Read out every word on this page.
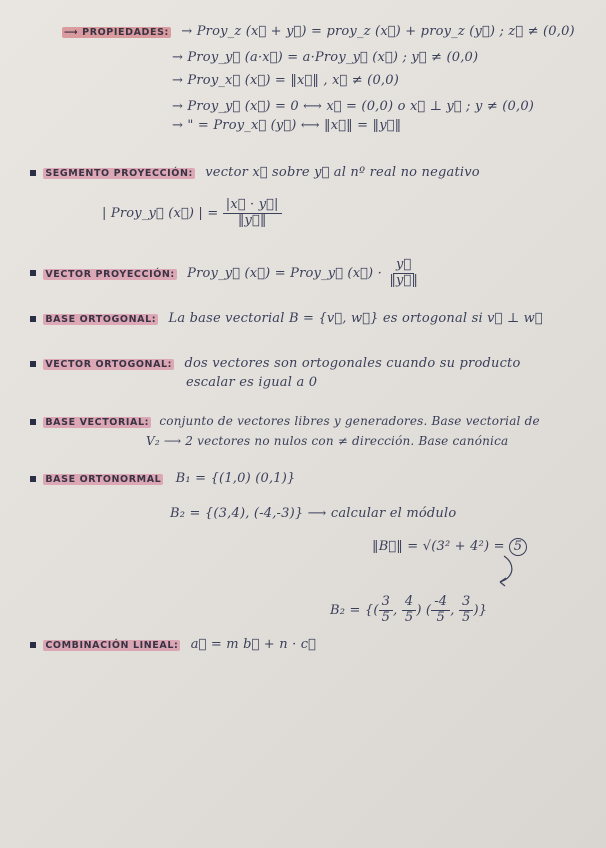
⟶ PROPIEDADES: → Proy_z (x⃗ + y⃗) = proy_z (x⃗) + proy_z (y⃗) ; z⃗ ≠ (0,0)
→ Proy_y⃗ (a·x⃗) = a·Proy_y⃗ (x⃗) ; y⃗ ≠ (0,0)
→ Proy_x⃗ (x⃗) = ‖x⃗‖ , x⃗ ≠ (0,0)
→ Proy_y⃗ (x⃗) = 0 ⟷ x⃗ = (0,0) o x⃗ ⊥ y⃗ ; y ≠ (0,0)
→ " = Proy_x⃗ (y⃗) ⟷ ‖x⃗‖ = ‖y⃗‖
SEGMENTO PROYECCIÓN: vector x⃗ sobre y⃗ al nº real no negativo
| Proy_y⃗ (x⃗) | = $\frac{|x⃗ \cdot y⃗|}{‖y⃗‖}$
VECTOR PROYECCIÓN: Proy_y⃗ (x⃗) = Proy_y⃗ (x⃗) · $\frac{y⃗}{‖y⃗‖}$
BASE ORTOGONAL: La base vectorial B = {v⃗, w⃗} es ortogonal si v⃗ ⊥ w⃗
VECTOR ORTOGONAL: dos vectores son ortogonales cuando su producto
escalar es igual a 0
BASE VECTORIAL: conjunto de vectores libres y generadores. Base vectorial de
V₂ ⟶ 2 vectores no nulos con ≠ dirección. Base canónica
BASE ORTONORMAL B₁ = {(1,0) (0,1)}
B₂ = {(3,4), (-4,-3)} ⟶ calcular el módulo
‖B⃗‖ = √(3² + 4²) = 5
B₂ = {( $\frac{3}{5}$ , $\frac{4}{5}$ ) ( $\frac{-4}{5}$ , $\frac{3}{5}$ )}
COMBINACIÓN LINEAL: a⃗ = m b⃗ + n · c⃗
